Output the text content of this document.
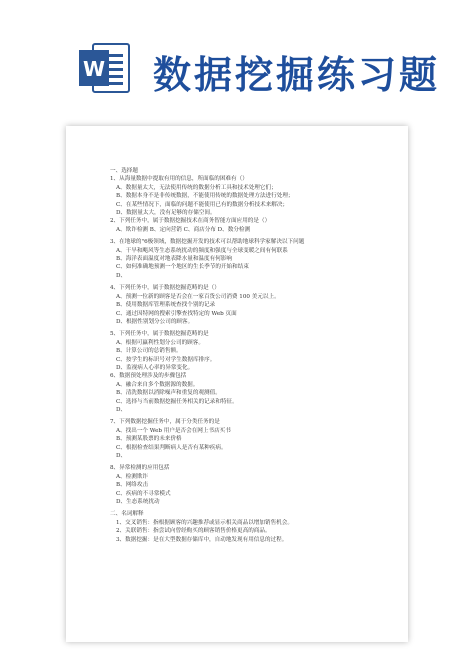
W 数据挖掘练习题
一、选择题
1、从海量数据中提取有用的信息，所面临的困难有（）
A、数据量太大，无法使用传统的数据分析工具和技术处理它们；
B、数据本身不是非传统数据，不能使用传统的数据处理方法进行处理；
C、在某些情况下，面临的问题不能使用已有的数据分析技术来解决；
D、数据量太大，没有足够的存储空间。
2、下列任务中，属于数据挖掘技术在商务智能方面应用的是（）
A、欺诈检测 B、定向营销 C、商店分布 D、数分检测
3、在地球的"6极领域，数据挖掘开发的技术可以帮助地球科学家解决以下问题
A、干旱和飓风等生态系统扰动的频度和强度与全球变暖之间有何联系
B、海洋表面温度对地表降水量和温度有何影响
C、如何准确地预测一个地区的生长季节的开始和结束
D、
4、下列任务中，属于数据挖掘范畴的是（）
A、预测一位新的顾客是否会在一家百货公司消费 100 美元以上。
B、使用数据库管理系统查找个别的记录
C、通过因特网的搜索引擎查找特定的 Web 页面
D、根据性别划分公司的顾客。
5、下列任务中，属于数据挖掘范畴的是
A、根据可赢利性划分公司的顾客。
B、计算公司的总销售额。
C、按学生的标识号对学生数据库排序。
D、监视病人心率的异常变化。
6、数据预处理涉及的步骤包括
A、融合来自多个数据源的数据。
B、清洗数据以消除噪声和重复的观测值。
C、选择与当前数据挖掘任务相关的记录和特征。
D、
7、下列数据挖掘任务中，属于分类任务的是
A、找出一个 Web 用户是否会在网上书店买书
B、预测某股票的未来价格
C、根据检查结果判断病人是否有某种疾病。
D、
8、异常检测的应用包括
A、检测欺诈
B、网络攻击
C、疾病的不寻常模式
D、生态系统扰动
二、名词解释
1、交叉销售：指根据顾客的兴趣推荐或显示相关商品以增加销售机会。
2、关联销售：指尝试向曾经购买的顾客销售价格更高的商品。
3、数据挖掘：是在大型数据存储库中，自动地发现有用信息的过程。
